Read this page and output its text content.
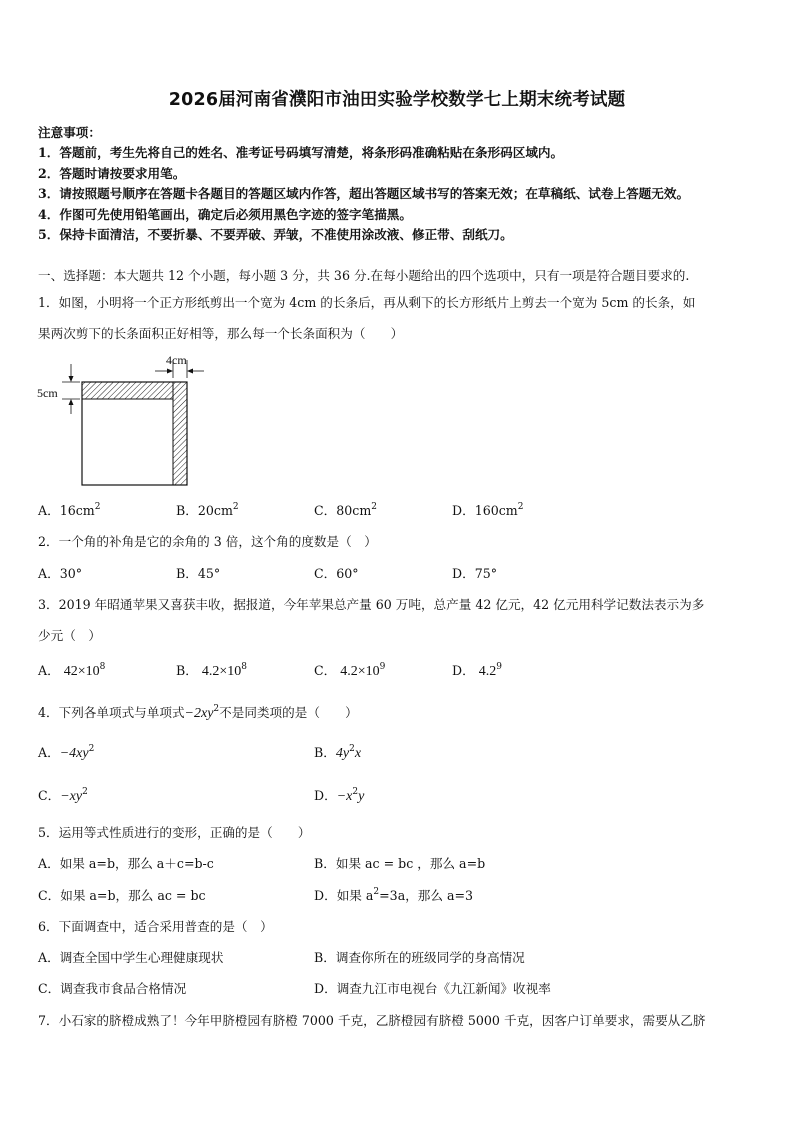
2026届河南省濮阳市油田实验学校数学七上期末统考试题
注意事项：
1．答题前，考生先将自己的姓名、准考证号码填写清楚，将条形码准确粘贴在条形码区域内。
2．答题时请按要求用笔。
3．请按照题号顺序在答题卡各题目的答题区域内作答，超出答题区域书写的答案无效；在草稿纸、试卷上答题无效。
4．作图可先使用铅笔画出，确定后必须用黑色字迹的签字笔描黑。
5．保持卡面清洁，不要折暴、不要弄破、弄皱，不准使用涂改液、修正带、刮纸刀。
一、选择题：本大题共 12 个小题，每小题 3 分，共 36 分.在每小题给出的四个选项中，只有一项是符合题目要求的.
1．如图，小明将一个正方形纸剪出一个宽为 4cm 的长条后，再从剩下的长方形纸片上剪去一个宽为 5cm 的长条，如
果两次剪下的长条面积正好相等，那么每一个长条面积为（　　）
4cm
5cm
A．$16cm^2$	B．$20cm^2$	C．$80cm^2$	D．$160cm^2$
2．一个角的补角是它的余角的 3 倍，这个角的度数是（　）
A．30°	B．45°	C．60°	D．75°
3．2019 年昭通苹果又喜获丰收，据报道，今年苹果总产量 60 万吨，总产量 42 亿元，42 亿元用科学记数法表示为多
少元（　）
A． $42\times 10^8$	B． $4.2\times 10^8$	C． $4.2\times 10^9$	D． $4.2^9$
4．下列各单项式与单项式$-2xy^2$不是同类项的是（　　）
A．$-4xy^2$	B．$4y^2x$
C．$-xy^2$	D．$-x^2y$
5．运用等式性质进行的变形，正确的是（　　）
A．如果 a=b，那么 a＋c=b-c	B．如果 ac = bc ，那么 a=b
C．如果 a=b，那么 ac = bc	D．如果 $a^2=3a$，那么 a=3
6．下面调查中，适合采用普查的是（　）
A．调查全国中学生心理健康现状	B．调查你所在的班级同学的身高情况
C．调查我市食品合格情况	D．调查九江市电视台《九江新闻》收视率
7．小石家的脐橙成熟了！今年甲脐橙园有脐橙 7000 千克，乙脐橙园有脐橙 5000 千克，因客户订单要求，需要从乙脐
